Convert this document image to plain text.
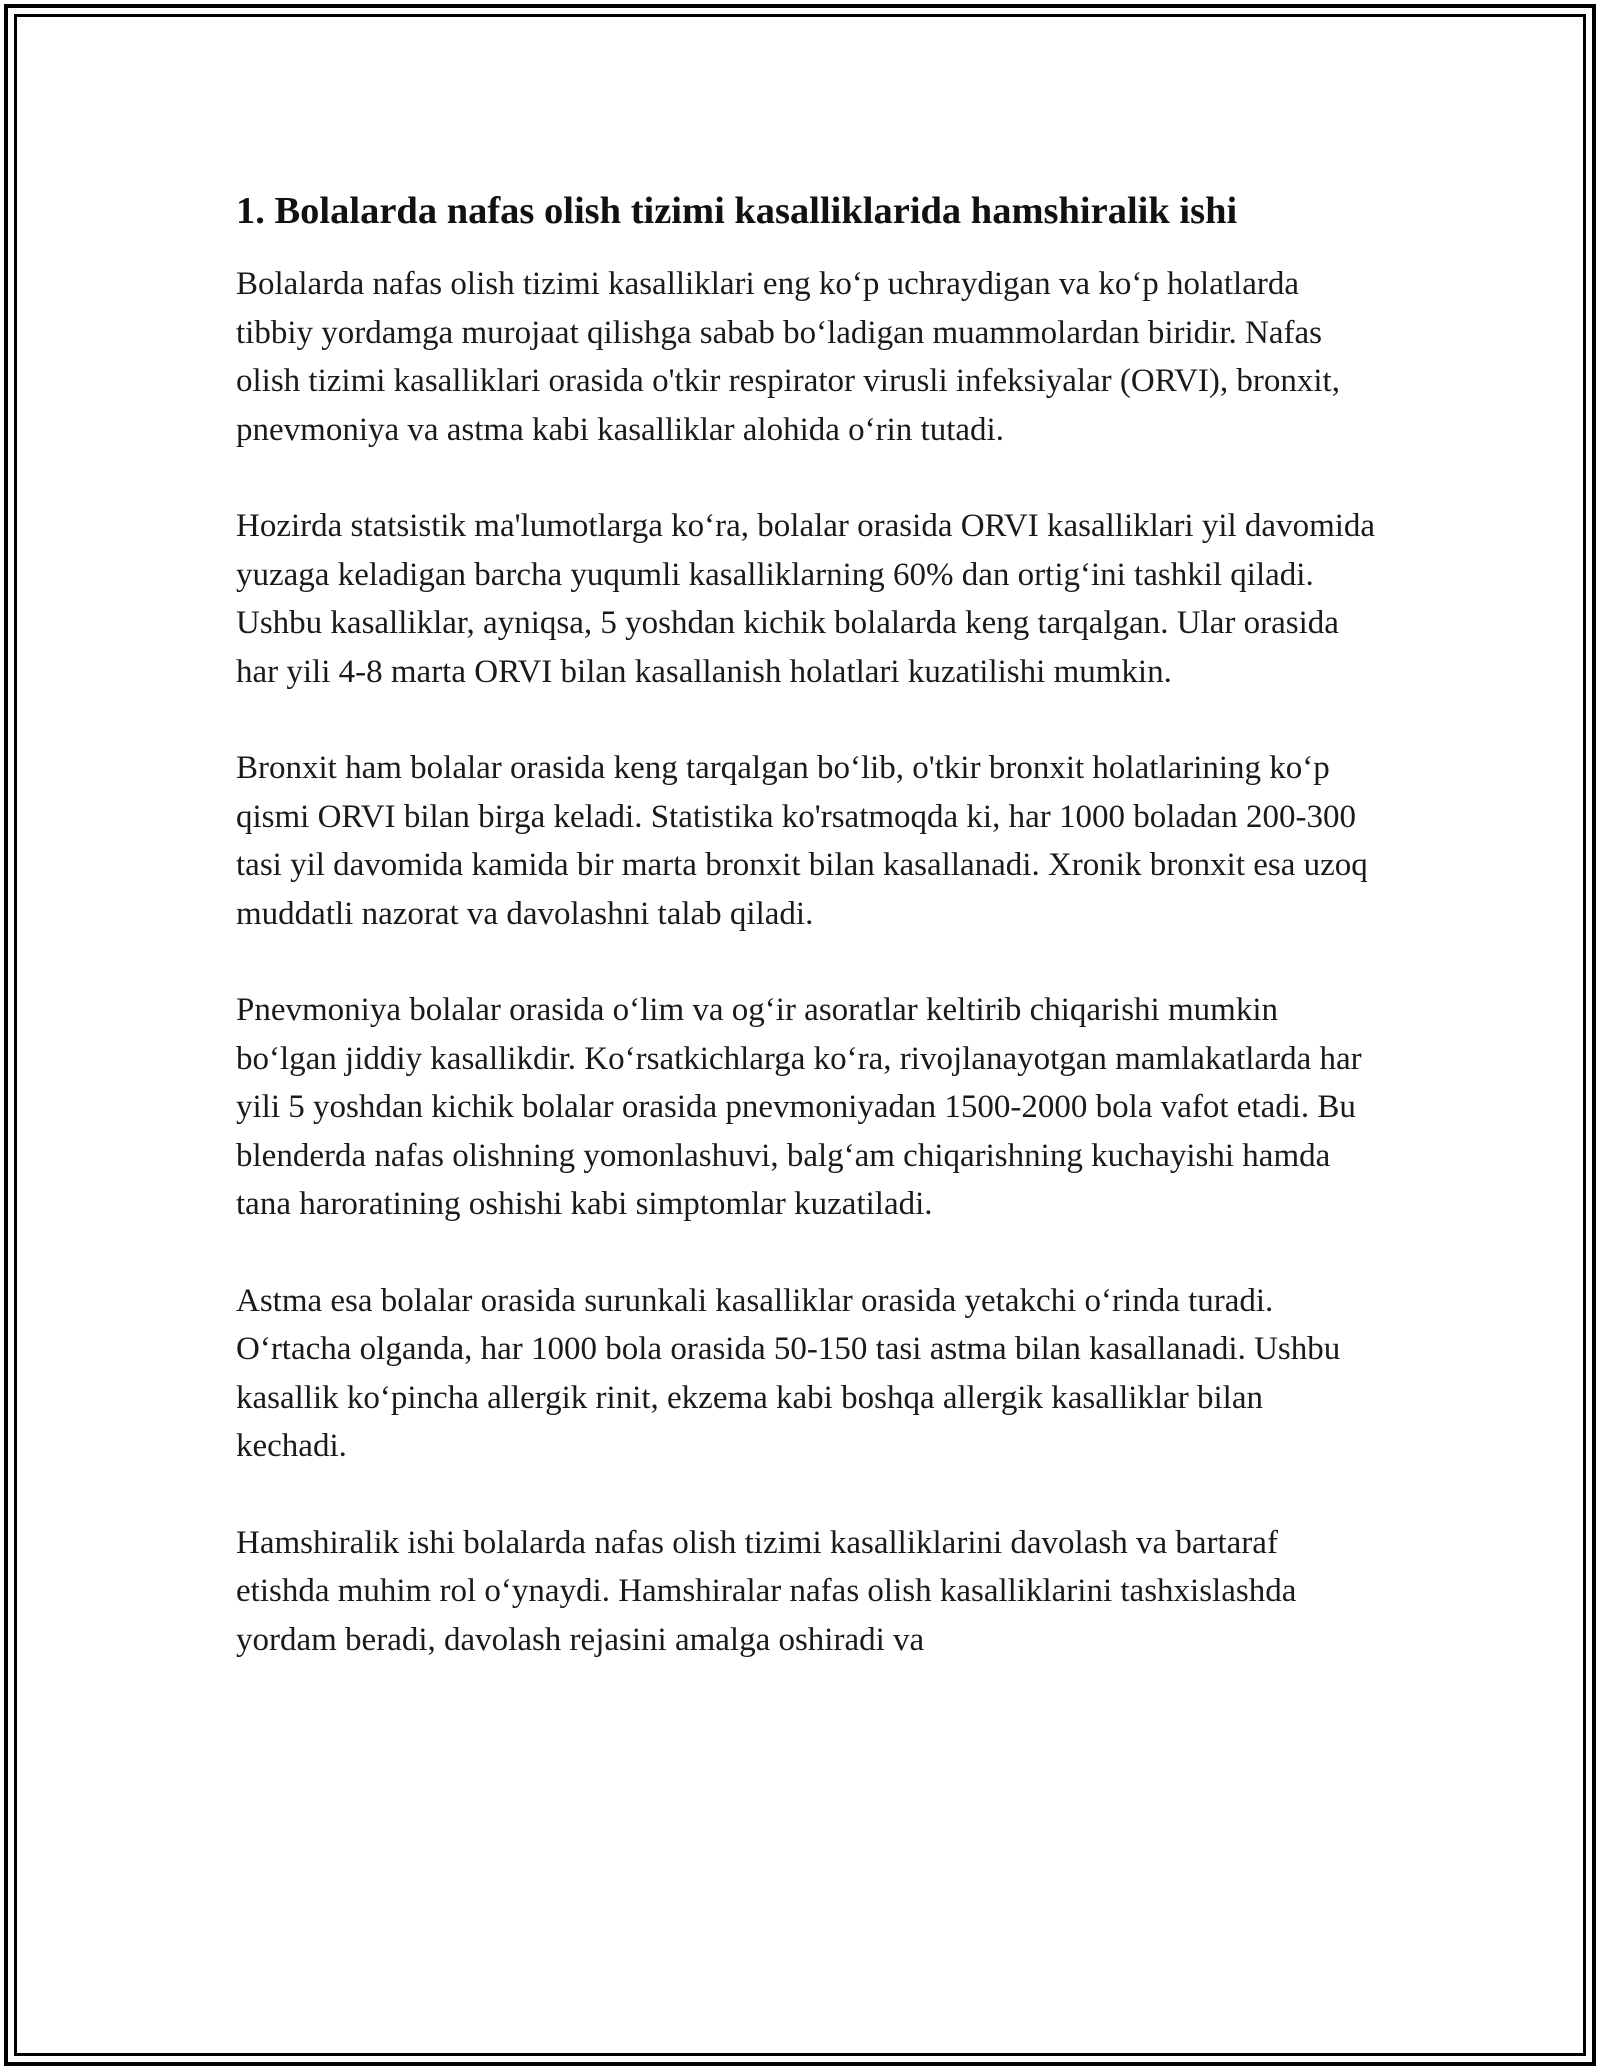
1. Bolalarda nafas olish tizimi kasalliklarida hamshiralik ishi

Bolalarda nafas olish tizimi kasalliklari eng ko‘p uchraydigan va ko‘p holatlarda tibbiy yordamga murojaat qilishga sabab bo‘ladigan muammolardan biridir. Nafas olish tizimi kasalliklari orasida o'tkir respirator virusli infeksiyalar (ORVI), bronxit, pnevmoniya va astma kabi kasalliklar alohida o‘rin tutadi.

Hozirda statsistik ma'lumotlarga ko‘ra, bolalar orasida ORVI kasalliklari yil davomida yuzaga keladigan barcha yuqumli kasalliklarning 60% dan ortig‘ini tashkil qiladi. Ushbu kasalliklar, ayniqsa, 5 yoshdan kichik bolalarda keng tarqalgan. Ular orasida har yili 4-8 marta ORVI bilan kasallanish holatlari kuzatilishi mumkin.

Bronxit ham bolalar orasida keng tarqalgan bo‘lib, o'tkir bronxit holatlarining ko‘p qismi ORVI bilan birga keladi. Statistika ko'rsatmoqda ki, har 1000 boladan 200-300 tasi yil davomida kamida bir marta bronxit bilan kasallanadi. Xronik bronxit esa uzoq muddatli nazorat va davolashni talab qiladi.

Pnevmoniya bolalar orasida o‘lim va og‘ir asoratlar keltirib chiqarishi mumkin bo‘lgan jiddiy kasallikdir. Ko‘rsatkichlarga ko‘ra, rivojlanayotgan mamlakatlarda har yili 5 yoshdan kichik bolalar orasida pnevmoniyadan 1500-2000 bola vafot etadi. Bu blenderda nafas olishning yomonlashuvi, balg‘am chiqarishning kuchayishi hamda tana haroratining oshishi kabi simptomlar kuzatiladi.

Astma esa bolalar orasida surunkali kasalliklar orasida yetakchi o‘rinda turadi. O‘rtacha olganda, har 1000 bola orasida 50-150 tasi astma bilan kasallanadi. Ushbu kasallik ko‘pincha allergik rinit, ekzema kabi boshqa allergik kasalliklar bilan kechadi.

Hamshiralik ishi bolalarda nafas olish tizimi kasalliklarini davolash va bartaraf etishda muhim rol o‘ynaydi. Hamshiralar nafas olish kasalliklarini tashxislashda yordam beradi, davolash rejasini amalga oshiradi va
